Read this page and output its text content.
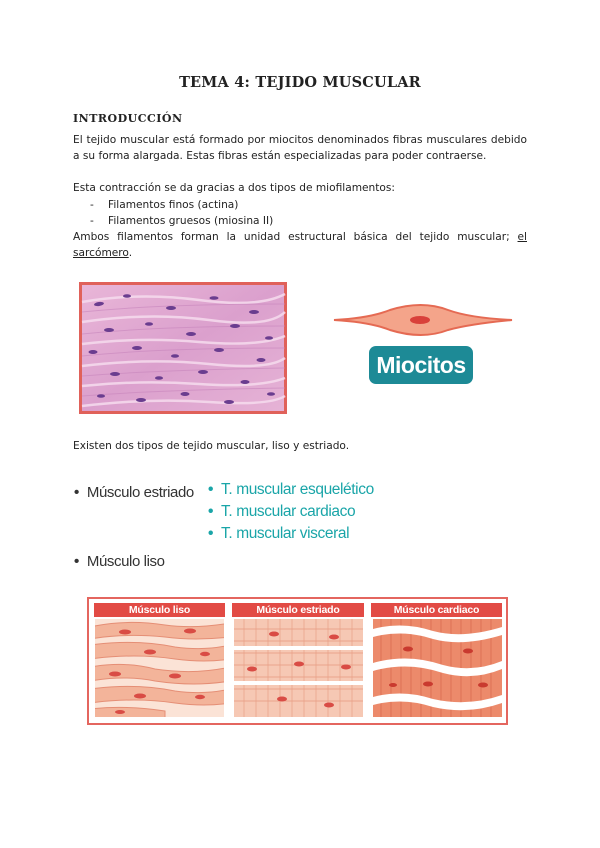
TEMA 4: TEJIDO MUSCULAR
INTRODUCCIÓN
El tejido muscular está formado por miocitos denominados fibras musculares debido a su forma alargada. Estas fibras están especializadas para poder contraerse.
Esta contracción se da gracias a dos tipos de miofilamentos:
- Filamentos finos (actina)
- Filamentos gruesos (miosina II)
Ambos filamentos forman la unidad estructural básica del tejido muscular; el sarcómero.
Miocitos
Existen dos tipos de tejido muscular, liso y estriado.
• Músculo estriado • T. muscular esquelético
• T. muscular cardiaco
• T. muscular visceral
• Músculo liso
Músculo liso	Músculo estriado	Músculo cardiaco
